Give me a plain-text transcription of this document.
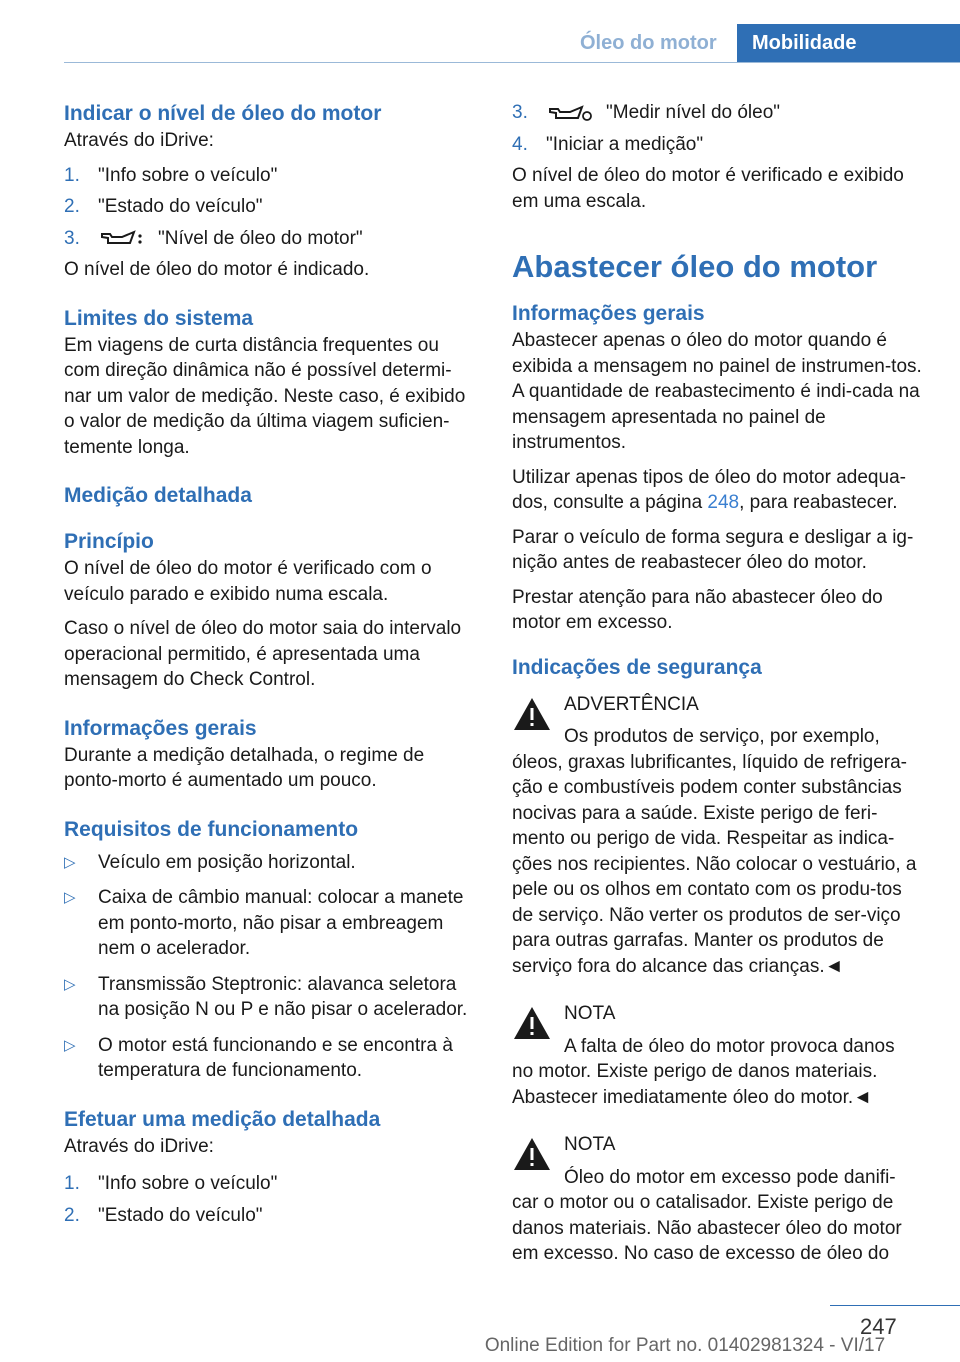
Óleo do motor	Mobilidade
Indicar o nível de óleo do motor

Através do iDrive:

1. "Info sobre o veículo"
2. "Estado do veículo"
3.	"Nível de óleo do motor"

O nível de óleo do motor é indicado.

Limites do sistema

Em viagens de curta distância frequentes ou com direção dinâmica não é possível determi‐nar um valor de medição. Neste caso, é exibido o valor de medição da última viagem suficien‐temente longa.

Medição detalhada
Princípio

O nível de óleo do motor é verificado com o veículo parado e exibido numa escala.

Caso o nível de óleo do motor saia do intervalo operacional permitido, é apresentada uma mensagem do Check Control.

Informações gerais

Durante a medição detalhada, o regime de ponto-morto é aumentado um pouco.

Requisitos de funcionamento
▷	Veículo em posição horizontal.
▷	Caixa de câmbio manual: colocar a manete em ponto-morto, não pisar a embreagem nem o acelerador.
▷	Transmissão Steptronic: alavanca seletora na posição N ou P e não pisar o acelerador.
▷	O motor está funcionando e se encontra à temperatura de funcionamento.
Efetuar uma medição detalhada

Através do iDrive:

1. "Info sobre o veículo"
2. "Estado do veículo"
3.	"Medir nível do óleo"
4. "Iniciar a medição"

O nível de óleo do motor é verificado e exibido em uma escala.

Abastecer óleo do motor
Informações gerais

Abastecer apenas o óleo do motor quando é exibida a mensagem no painel de instrumen‐tos. A quantidade de reabastecimento é indi‐cada na mensagem apresentada no painel de instrumentos.

Utilizar apenas tipos de óleo do motor adequa‐dos, consulte a página 248, para reabastecer.

Parar o veículo de forma segura e desligar a ig‐nição antes de reabastecer óleo do motor.

Prestar atenção para não abastecer óleo do motor em excesso.

Indicações de segurança
ADVERTÊNCIA
Os produtos de serviço, por exemplo,
óleos, graxas lubrificantes, líquido de refrigera‐ção e combustíveis podem conter substâncias nocivas para a saúde. Existe perigo de feri‐mento ou perigo de vida. Respeitar as indica‐ções nos recipientes. Não colocar o vestuário, a pele ou os olhos em contato com os produ‐tos de serviço. Não verter os produtos de ser‐viço para outras garrafas. Manter os produtos de serviço fora do alcance das crianças.◄
NOTA
A falta de óleo do motor provoca danos
no motor. Existe perigo de danos materiais. Abastecer imediatamente óleo do motor.◄
NOTA
Óleo do motor em excesso pode danifi‐
car o motor ou o catalisador. Existe perigo de danos materiais. Não abastecer óleo do motor em excesso. No caso de excesso de óleo do
247
Online Edition for Part no. 01402981324 - VI/17
